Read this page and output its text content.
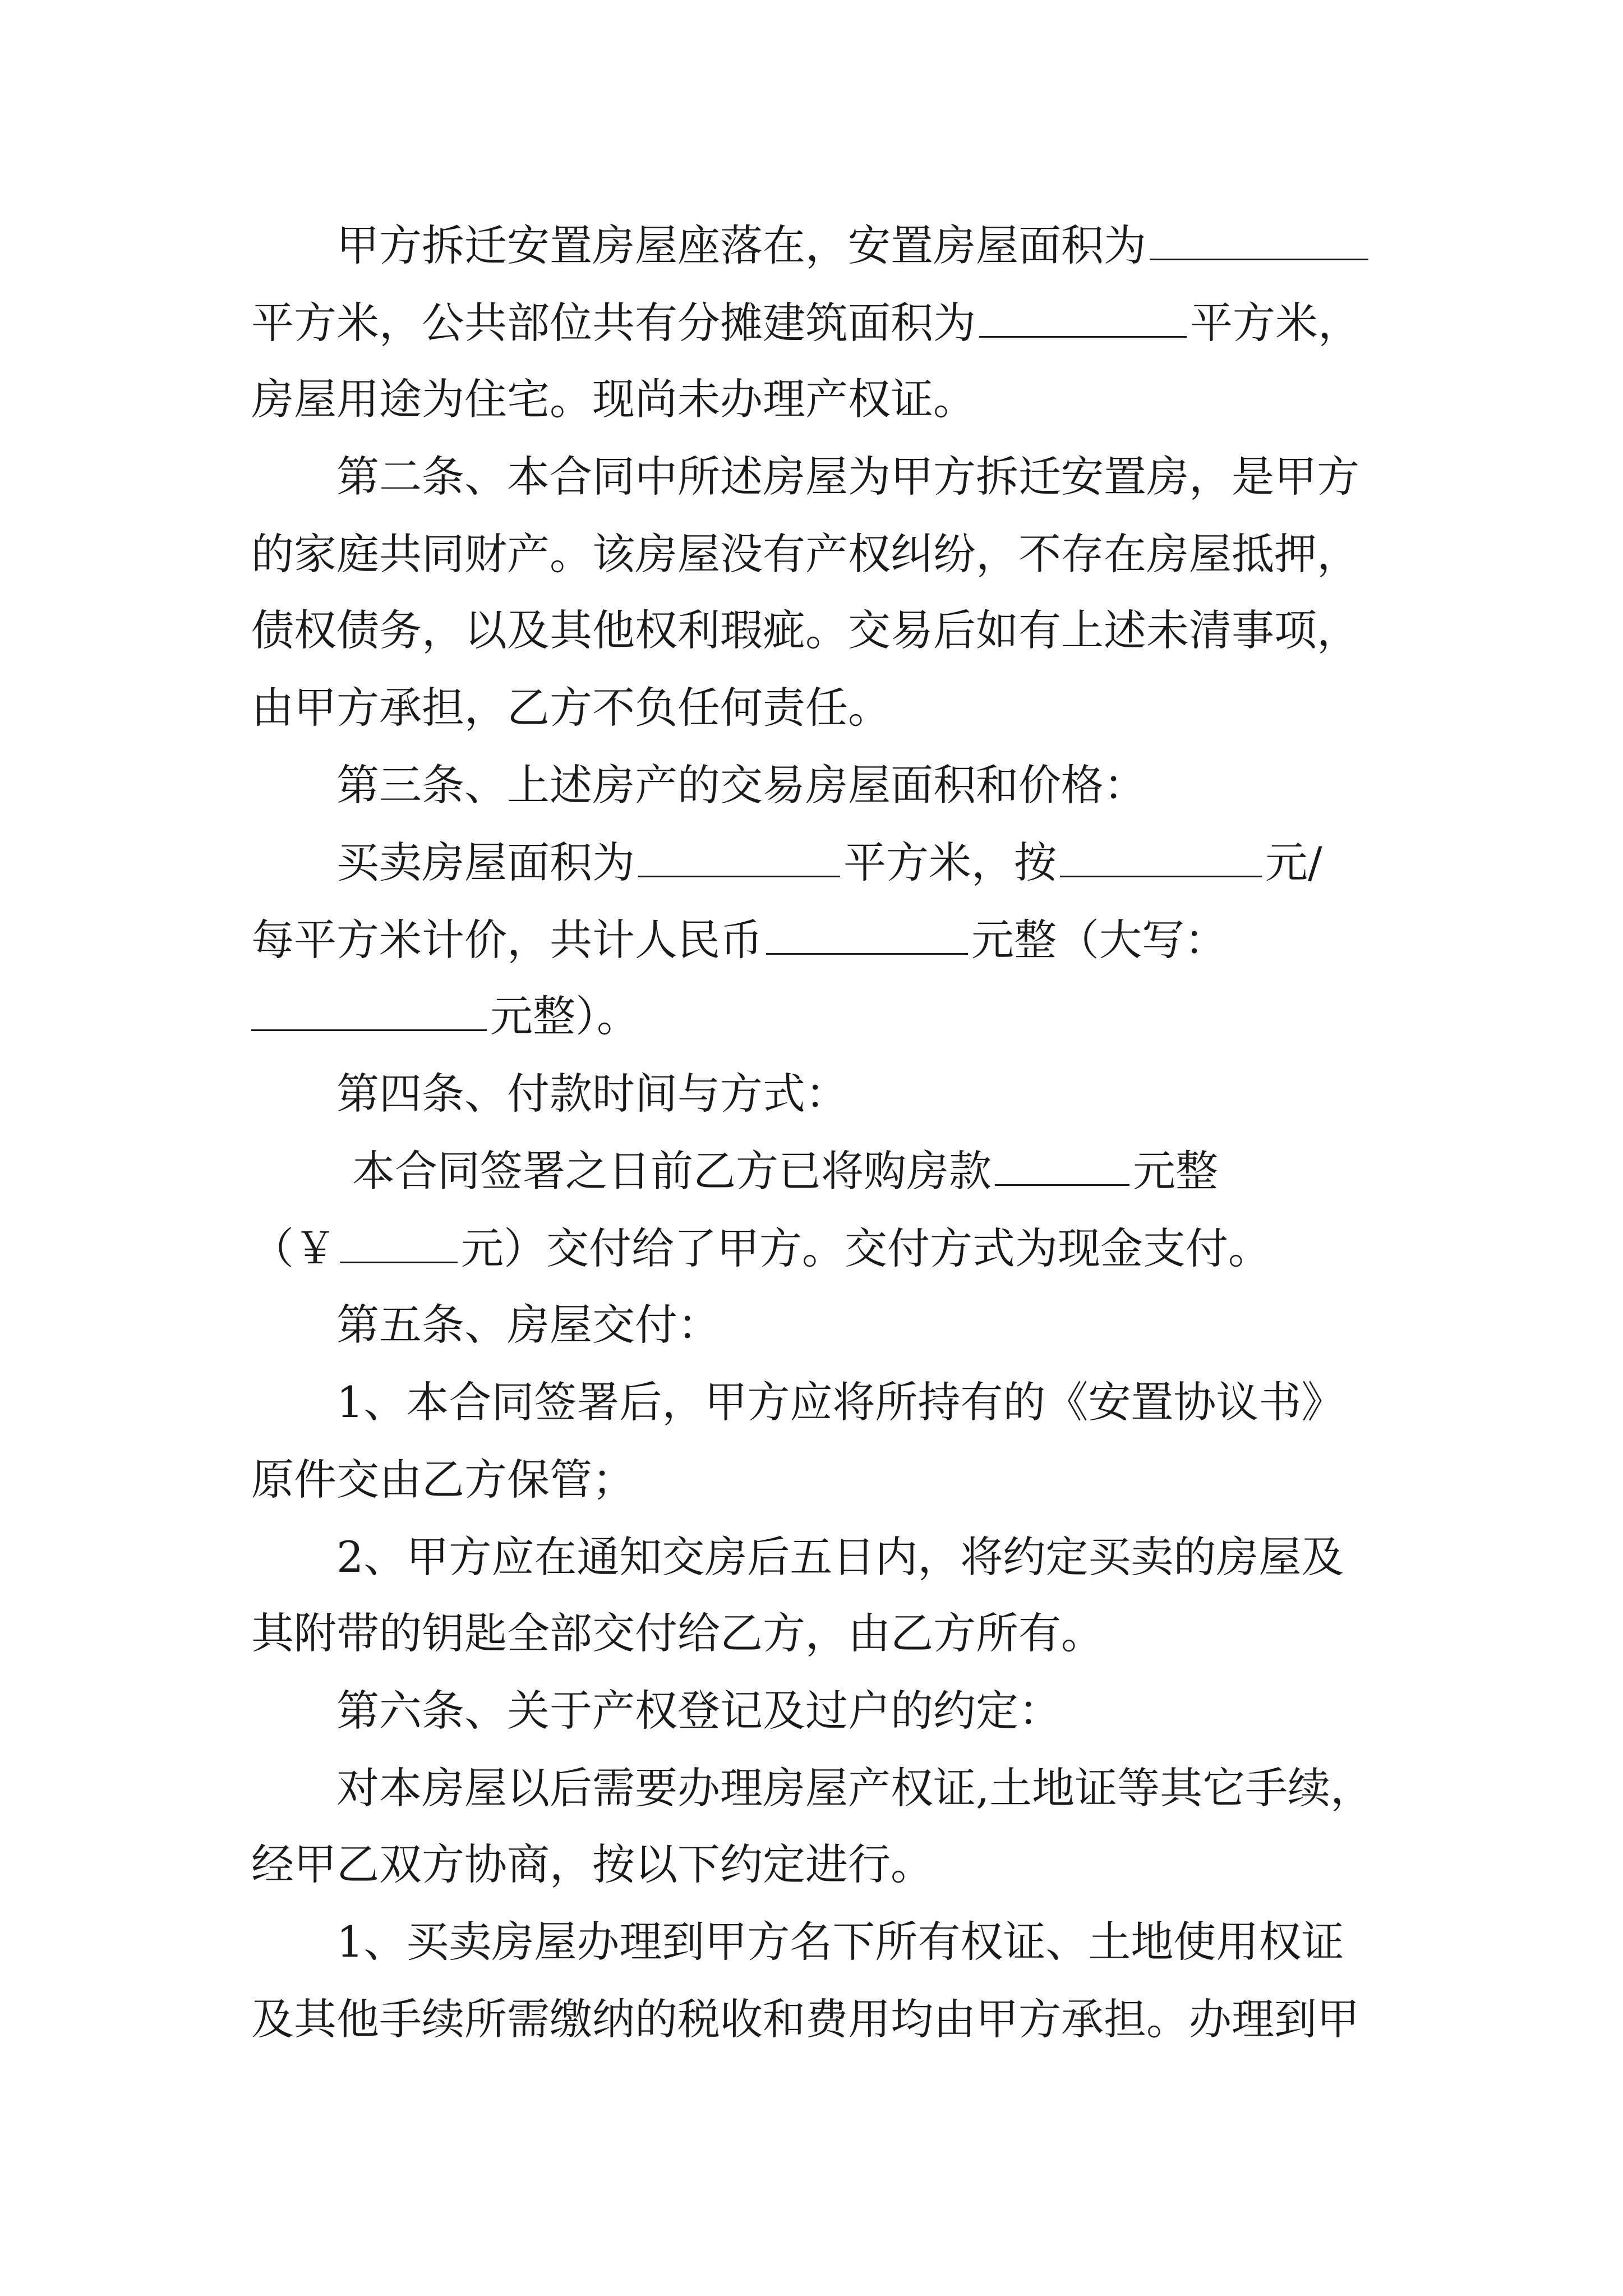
甲方拆迁安置房屋座落在，安置房屋面积为
平方米，公共部位共有分摊建筑面积为	平方米，
房屋用途为住宅。现尚未办理产权证。
第二条、本合同中所述房屋为甲方拆迁安置房，是甲方
的家庭共同财产。该房屋没有产权纠纷，不存在房屋抵押，
债权债务，以及其他权利瑕疵。交易后如有上述未清事项，
由甲方承担，乙方不负任何责任。
第三条、上述房产的交易房屋面积和价格：
买卖房屋面积为	平方米，按	元/
每平方米计价，共计人民币	元整（大写：
元整）。
第四条、付款时间与方式：
本合同签署之日前乙方已将购房款	元整
（￥	元）交付给了甲方。交付方式为现金支付。
第五条、房屋交付：
1、本合同签署后，甲方应将所持有的《安置协议书》
原件交由乙方保管；
2、甲方应在通知交房后五日内，将约定买卖的房屋及
其附带的钥匙全部交付给乙方，由乙方所有。
第六条、关于产权登记及过户的约定：
对本房屋以后需要办理房屋产权证,土地证等其它手续，
经甲乙双方协商，按以下约定进行。
1、买卖房屋办理到甲方名下所有权证、土地使用权证
及其他手续所需缴纳的税收和费用均由甲方承担。办理到甲
